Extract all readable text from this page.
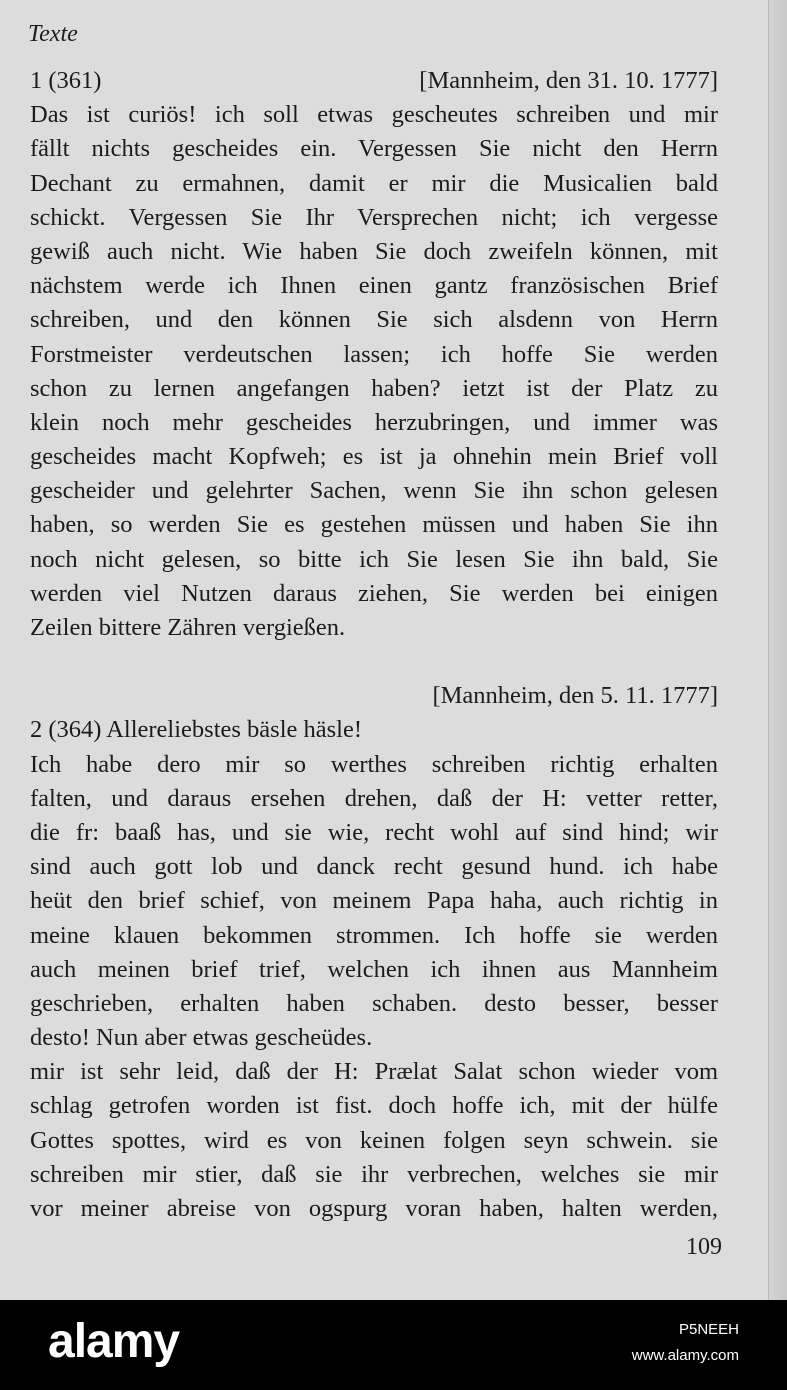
Texte
1 (361)	[Mannheim, den 31. 10. 1777]
Das ist curiös! ich soll etwas gescheutes schreiben und mir
fällt nichts gescheides ein. Vergessen Sie nicht den Herrn
Dechant zu ermahnen, damit er mir die Musicalien bald
schickt. Vergessen Sie Ihr Versprechen nicht; ich vergesse
gewiß auch nicht. Wie haben Sie doch zweifeln können, mit
nächstem werde ich Ihnen einen gantz französischen Brief
schreiben, und den können Sie sich alsdenn von Herrn
Forstmeister verdeutschen lassen; ich hoffe Sie werden
schon zu lernen angefangen haben? ietzt ist der Platz zu
klein noch mehr gescheides herzubringen, und immer was
gescheides macht Kopfweh; es ist ja ohnehin mein Brief voll
gescheider und gelehrter Sachen, wenn Sie ihn schon gelesen
haben, so werden Sie es gestehen müssen und haben Sie ihn
noch nicht gelesen, so bitte ich Sie lesen Sie ihn bald, Sie
werden viel Nutzen daraus ziehen, Sie werden bei einigen
Zeilen bittere Zähren vergießen.
[Mannheim, den 5. 11. 1777]
2 (364) Allereliebstes bäsle häsle!
Ich habe dero mir so werthes schreiben richtig erhalten
falten, und daraus ersehen drehen, daß der H: vetter retter,
die fr: baaß has, und sie wie, recht wohl auf sind hind; wir
sind auch gott lob und danck recht gesund hund. ich habe
heüt den brief schief, von meinem Papa haha, auch richtig in
meine klauen bekommen strommen. Ich hoffe sie werden
auch meinen brief trief, welchen ich ihnen aus Mannheim
geschrieben, erhalten haben schaben. desto besser, besser
desto! Nun aber etwas gescheüdes.
mir ist sehr leid, daß der H: Prælat Salat schon wieder vom
schlag getrofen worden ist fist. doch hoffe ich, mit der hülfe
Gottes spottes, wird es von keinen folgen seyn schwein. sie
schreiben mir stier, daß sie ihr verbrechen, welches sie mir
vor meiner abreise von ogspurg voran haben, halten werden,
109
alamy	P5NEEH
www.alamy.com
